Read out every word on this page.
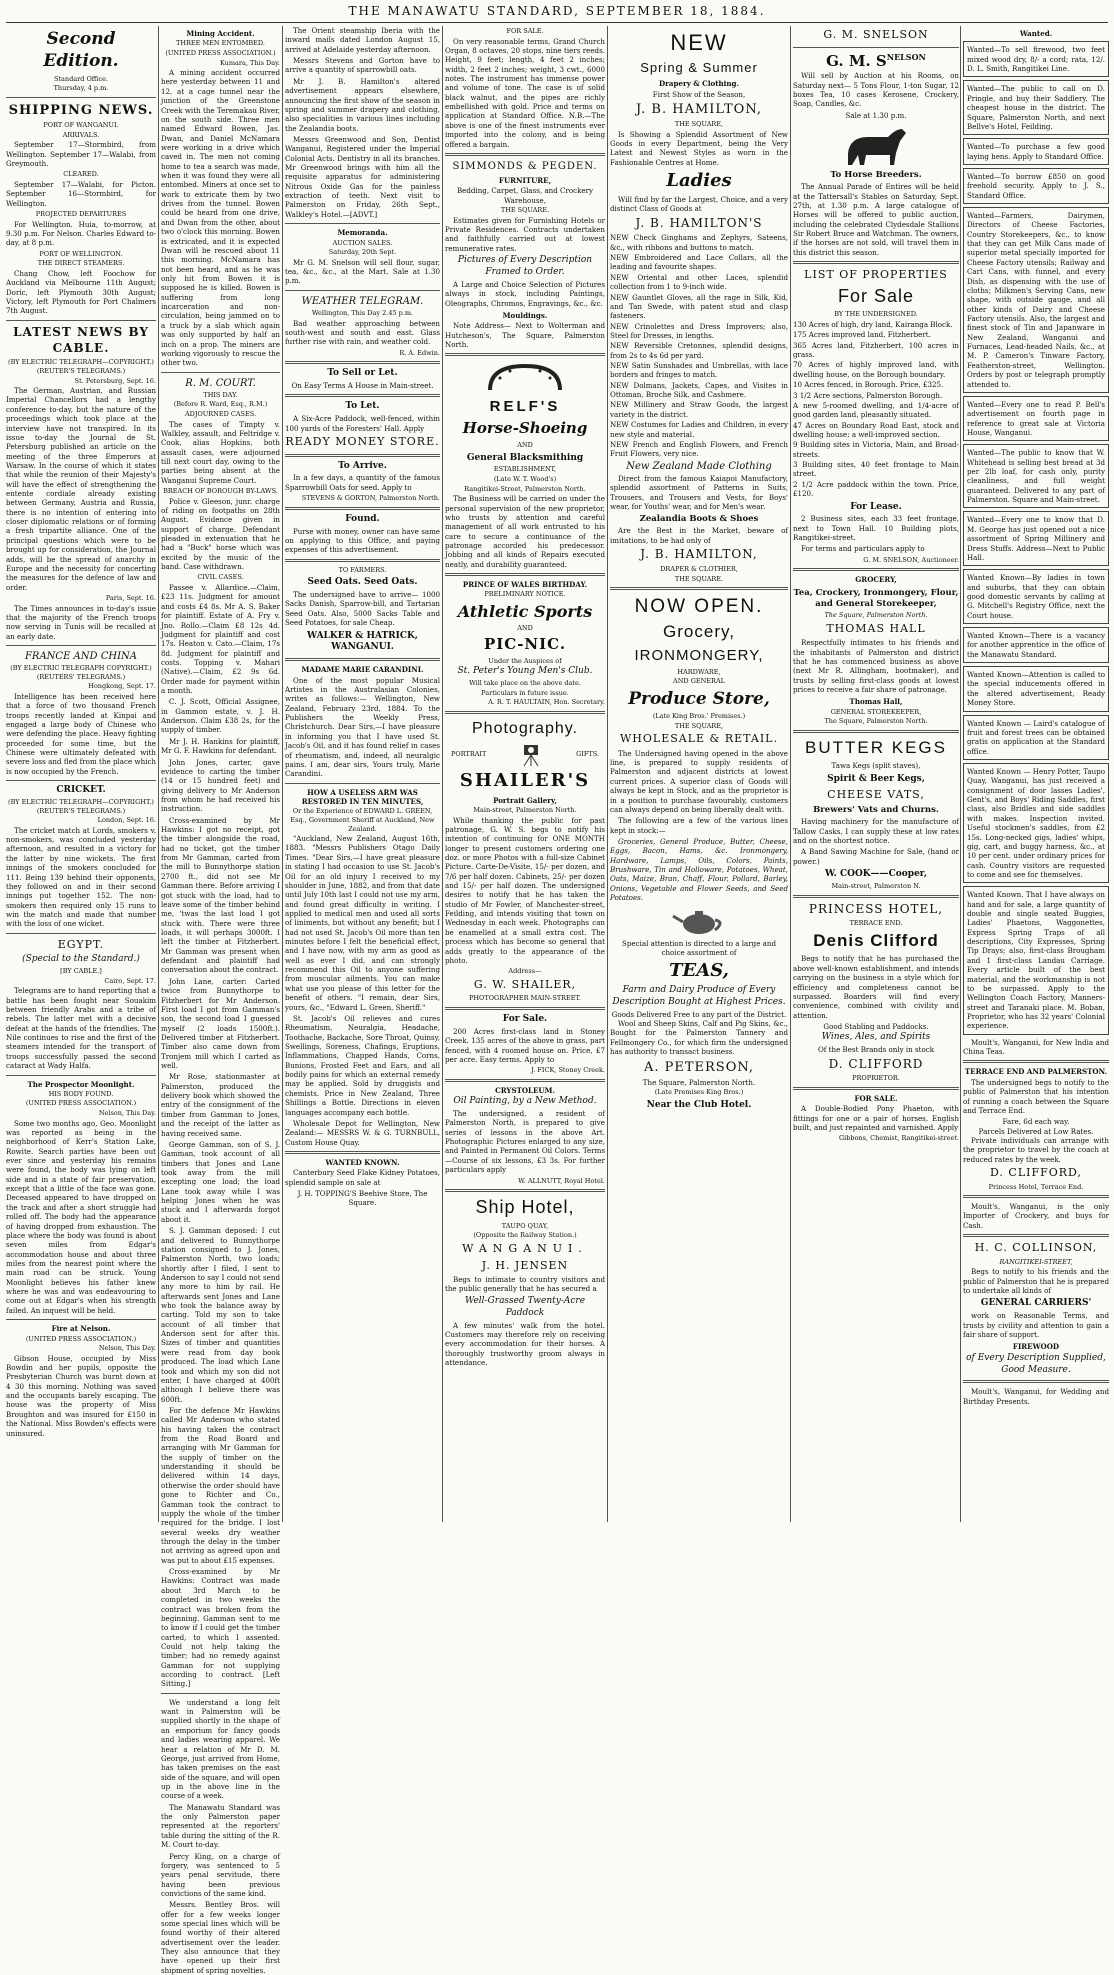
THE MANAWATU STANDARD, SEPTEMBER 18, 1884.
Second Edition.
Standard Office.
Thursday, 4 p.m.
SHIPPING NEWS.
PORT OF WANGANUI.
ARRIVALS.
September 17—Stormbird, from Wellington. September 17—Walabi, from Greymouth.
CLEARED.
September 17—Walabi, for Picton. September 16—Stormbird, for Wellington.
PROJECTED DEPARTURES
For Wellington. Huia, to-morrow, at 9.30 p.m. For Nelson. Charles Edward to-day, at 8 p.m.
PORT OF WELLINGTON.
THE DIRECT STEAMERS.
Chang Chow, left Foochow for Auckland via Melbourne 11th August; Doric, left Plymouth 30th August; Victory, left Plymouth for Port Chalmers 7th August.
LATEST NEWS BY CABLE.
(BY ELECTRIC TELEGRAPH—COPYRIGHT.) (REUTER'S TELEGRAMS.)
St. Petersburg, Sept. 16.
The German, Austrian, and Russian Imperial Chancellors had a lengthy conference to-day, but the nature of the proceedings which took place at the interview have not transpired. In its issue to-day the Journal de St. Petersburg published an article on the meeting of the three Emperors at Warsaw. In the course of which it states that while the reunion of their Majesty's will have the effect of strengthening the entente cordiale already existing between Germany, Austria and Russia, there is no intention of entering into closer diplomatic relations or of forming a fresh tripartite alliance. One of the principal questions which were to be brought up for consideration, the Journal adds, will be the spread of anarchy in Europe and the necessity for concerting the measures for the defence of law and order.
Paris, Sept. 16.
The Times announces in to-day's issue that the majority of the French troops now serving in Tunis will be recalled at an early date.
FRANCE AND CHINA
(BY ELECTRIC TELEGRAPH COPYRIGHT.) (REUTERS' TELEGRAMS.)
Hongkong, Sept. 17.
Intelligence has been received here that a force of two thousand French troops recently landed at Kinpai and engaged a large body of Chinese who were defending the place. Heavy fighting proceeded for some time, but the Chinese were ultimately defeated with severe loss and fled from the place which is now occupied by the French.
CRICKET.
(BY ELECTRIC TELEGRAPH—COPYRIGHT.) (REUTER'S TELEGRAMS.)
London, Sept. 16.
The cricket match at Lords, smokers v. non-smokers, was concluded yesterday afternoon, and resulted in a victory for the latter by nine wickets. The first innings of the smokers concluded for 111. Being 139 behind their opponents, they followed on and in their second innings put together 152. The non-smokers then required only 15 runs to win the match and made that number with the loss of one wicket.
EGYPT.
(Special to the Standard.)
[BY CABLE.]
Cairo, Sept. 17.
Telegrams are to hand reporting that a battle has been fought near Souakim between friendly Arabs and a tribe of rebels. The latter met with a decisive defeat at the hands of the friendlies. The Nile continues to rise and the first of the steamers intended for the transport of troops successfully passed the second cataract at Wady Halfa.
The Prospector Moonlight.
HIS BODY FOUND.
(UNITED PRESS ASSOCIATION.)
Nelson, This Day.
Some two months ago, Geo. Moonlight was reported as being in the neighborhood of Kerr's Station Lake, Rowite. Search parties have been out ever since and yesterday his remains were found, the body was lying on left side and in a state of fair preservation, except that a little of the face was gone. Deceased appeared to have dropped on the track and after a short struggle had rolled off. The body had the appearance of having dropped from exhaustion. The place where the body was found is about seven miles from Edgar's accommodation house and about three miles from the nearest point where the main road can be struck. Young Moonlight believes his father knew where he was and was endeavouring to come out at Edgar's when his strength failed. An inquest will be held.
Fire at Nelson.
(UNITED PRESS ASSOCIATION.)
Nelson, This Day.
Gibson House, occupied by Miss Bowdin and her pupils, opposite the Presbyterian Church was burnt down at 4 30 this morning. Nothing was saved and the occupants barely escaping. The house was the property of Miss Broughton and was insured for £150 in the National. Miss Bowden's effects were uninsured.
Mining Accident.
THREE MEN ENTOMBED.
(UNITED PRESS ASSOCIATION.)
Kumara, This Day.
A mining accident occurred here yesterday between 11 and 12, at a cage tunnel near the junction of the Greenstone Creek with the Teremakau River, on the south side. Three men named Edward Bowen, Jas. Dwan, and Daniel McNamara were working in a drive which caved in. The men not coming home to tea a search was made, when it was found they were all entombed. Miners at once set to work to extricate them by two drives from the tunnel. Bowen could be heard from one drive, and Dwan from the other, about two o'clock this morning. Bowen is extricated, and it is expected Dwan will be rescued about 11 this morning. McNamara has not been heard, and as he was only hit from Bowen it is supposed he is killed. Bowen is suffering from long incarceration and non-circulation, being jammed on to a truck by a slab which again was only supported by half an inch on a prop. The miners are working vigorously to rescue the other two.
R. M. COURT.
THIS DAY.
(Before R. Ward, Esq., R.M.)
ADJOURNED CASES.
The cases of Timpty v. Walkley, assault, and Feltridge v. Cook, alias Hopkins, both assault cases, were adjourned till next court day, owing to the parties being absent at the Wanganui Supreme Court.
BREACH OF BOROUGH BY-LAWS.
Police v. Gleeson, junr. charge of riding on footpaths on 28th August. Evidence given in support of charge. Defendant pleaded in extenuation that he had a "Buck" horse which was excited by the music of the band. Case withdrawn.
CIVIL CASES.
Passee v. Allardice.—Claim, £23 11s. Judgment for amount and costs £4 8s. Mr A. S. Baker for plaintiff. Estate of A. Fry v. Jno. Rollo.—Claim £8 12s 4d. Judgment for plaintiff and cost 17s. Heaton v. Cato.—Claim, 17s 8d. Judgment for plaintiff and costs. Topping v. Mahari (Native).—Claim, £2 9s 6d. Order made for payment within a month.
C. J. Scott, Official Assignee, in Gammon estate, v. J. H. Anderson. Claim £38 2s, for the supply of timber.
Mr J. H. Hankins for plaintiff, Mr G. F. Hawkins for defendant.
John Jones, carter, gave evidence to carting the timber (14 or 15 hundred feet) and giving delivery to Mr Anderson from whom he had received his instruction.
Cross-examined by Mr Hawkins: I got no receipt, got the timber alongside the road, had no ticket, got the timber from Mr Gamman, carted from the mill to Bunnythorpe station 2700 ft., did not see Mr Gamman there. Before arriving I got stuck with the load, had to leave some of the timber behind me, 'twas the last load I got stuck with. There were three loads, it will perhaps 3000ft. I left the timber at Fitzherbert. Mr Gamman was present when defendant and plaintiff had conversation about the contract.
John Lane, carter: Carted twice from Bunnythorpe to Fitzherbert for Mr Anderson. First load I got from Gamman's son, the second load I guessed myself (2 loads 1500ft.). Delivered timber at Fitzherbert. Timber also came down from Tronjem mill which I carted as well.
Mr Rose, stationmaster at Palmerston, produced the delivery book which showed the entry of the consignment of the timber from Gamman to Jones, and the receipt of the latter as having received same.
George Gamman, son of S. J. Gamman, took account of all timbers that Jones and Lane took away from the mill excepting one load; the load Lane took away while I was helping Jones when he was stuck and I afterwards forgot about it.
S. J. Gamman deposed: I cut and delivered to Bunnythorpe station consigned to J. Jones, Palmerston North, two loads; shortly after I filed, I sent to Anderson to say I could not send any more to him by rail. He afterwards sent Jones and Lane who took the balance away by carting. Told my son to take account of all timber that Anderson sent for after this. Sizes of timber and quantities were read from day book produced. The load which Lane took and which my son did not enter, I have charged at 400ft although I believe there was 600ft.
For the defence Mr Hawkins called Mr Anderson who stated his having taken the contract from the Road Board and arranging with Mr Gamman for the supply of timber on the understanding it should be delivered within 14 days, otherwise the order should have gone to Richter and Co., Gamman took the contract to supply the whole of the timber required for the bridge. I lost several weeks dry weather through the delay in the timber not arriving as agreed upon and was put to about £15 expenses.
Cross-examined by Mr Hawkins: Contract was made about 3rd March to be completed in two weeks the contract was broken from the beginning. Gamman sent to me to know if I could get the timber carted, to which I assented. Could not help taking the timber; had no remedy against Gamman for not supplying according to contract. [Left Sitting.]
We understand a long felt want in Palmerston will be supplied shortly in the shape of an emporium for fancy goods and ladies wearing apparel. We hear a relation of Mr D. M. George, just arrived from Home, has taken premises on the east side of the square, and will open up in the above line in the course of a week.
The Manawatu Standard was the only Palmerston paper represented at the reporters' table during the sitting of the R. M. Court to-day.
Percy King, on a charge of forgery, was sentenced to 5 years penal servitude, there having been previous convictions of the same kind.
Messrs. Bentley Bros. will offer for a few weeks longer some special lines which will be found worthy of their altered advertisement over the leader. They also announce that they have opened up their first shipment of spring novelties.
The Orient steamship Iberia with the inward mails dated London August 15, arrived at Adelaide yesterday afternoon.
Messrs Stevens and Gorton have to arrive a quantity of sparrowbill oats.
Mr J. B. Hamilton's altered advertisement appears elsewhere, announcing the first show of the season in spring and summer drapery and clothing, also specialities in various lines including the Zealandia boots.
Messrs Greenwood and Son, Dentist Wanganui, Registered under the Imperial Colonial Acts. Dentistry in all its branches. Mr Greenwood brings with him all the requisite apparatus for administering Nitrous Oxide Gas for the painless extraction of teeth. Next visit to Palmerston on Friday, 26th Sept., Walkley's Hotel.—[ADVT.]
Memoranda.
AUCTION SALES.
Saturday, 20th Sept.
Mr G. M. Snelson will sell flour, sugar, tea, &c., &c., at the Mart. Sale at 1.30 p.m.
WEATHER TELEGRAM.
Wellington, This Day 2.45 p.m.
Bad weather approaching between south-west and south and east. Glass further rise with rain, and weather cold.
R. A. Edwin.
To Sell or Let.
On Easy Terms A House in Main-street.
To Let.
A Six-Acre Paddock, well-fenced, within 100 yards of the Foresters' Hall. Apply
READY MONEY STORE.
To Arrive.
In a few days, a quantity of the famous Sparrowbill Oats for seed. Apply to
STEVENS & GORTON, Palmerston North.
Found.
Purse with money, owner can have same on applying to this Office, and paying expenses of this advertisement.
TO FARMERS.
Seed Oats. Seed Oats.
The undersigned have to arrive— 1000 Sacks Danish, Sparrow-bill, and Tartarian Seed Oats. Also, 5000 Sacks Table and Seed Potatoes, for sale Cheap.
WALKER & HATRICK, WANGANUI.
MADAME MARIE CARANDINI.
One of the most popular Musical Artistes in the Australasian Colonies, writes as follows:— Wellington, New Zealand, February 23rd, 1884. To the Publishers the Weekly Press, Christchurch. Dear Sirs,—I have pleasure in informing you that I have used St. Jacob's Oil, and it has found relief in cases of rheumatism, and, indeed, all neuralgic pains. I am, dear sirs, Yours truly, Marie Carandini.
HOW A USELESS ARM WAS RESTORED IN TEN MINUTES,
Or the Experience of EDWARD L. GREEN, Esq., Government Sheriff at Auckland, New Zealand.
"Auckland, New Zealand, August 16th, 1883. "Messrs Publishers Otago Daily Times. "Dear Sirs,—I have great pleasure in stating I had occasion to use St. Jacob's Oil for an old injury I received to my shoulder in June, 1882, and from that date until July 10th last I could not use my arm, and found great difficulty in writing. I applied to medical men and used all sorts of liniments, but without any benefit; but I had not used St. Jacob's Oil more than ten minutes before I felt the beneficial effect, and I have now, with my arm as good as well as ever I did, and can strongly recommend this Oil to anyone suffering from muscular ailments. You can make what use you please of this letter for the benefit of others. "I remain, dear Sirs, yours, &c., "Edward L. Green, Sheriff."
St. Jacob's Oil relieves and cures Rheumatism, Neuralgia, Headache, Toothache, Backache, Sore Throat, Quinsy, Swellings, Soreness, Chafings, Eruptions, Inflammations, Chapped Hands, Corns, Bunions, Frosted Feet and Ears, and all bodily pains for which an external remedy may be applied. Sold by druggists and chemists. Price in New Zealand, Three Shillings a Bottle. Directions in eleven languages accompany each bottle.
Wholesale Depot for Wellington, New Zealand:— MESSRS W. & G. TURNBULL, Custom House Quay.
WANTED KNOWN.
Canterbury Seed Flake Kidney Potatoes, splendid sample on sale at
J. H. TOPPING'S Beehive Store, The Square.
FOR SALE.
On very reasonable terms, Grand Church Organ, 8 octaves, 20 stops, nine tiers reeds. Height, 9 feet; length, 4 feet 2 inches; width, 2 feet 2 inches; weight, 3 cwt., 6000 notes. The instrument has immense power and volume of tone. The case is of solid black walnut, and the pipes are richly embellished with gold. Price and terms on application at Standard Office. N.B.—The above is one of the finest instruments ever imported into the colony, and is being offered a bargain.
SIMMONDS & PEGDEN.
FURNITURE,
Bedding, Carpet, Glass, and Crockery Warehouse,
THE SQUARE.
Estimates given for Furnishing Hotels or Private Residences. Contracts undertaken and faithfully carried out at lowest remunerative rates.
Pictures of Every Description Framed to Order.
A Large and Choice Selection of Pictures always in stock, including Paintings, Oleographs, Chromos, Engravings, &c., &c.
Mouldings.
Note Address— Next to Wolterman and Hutcheson's, The Square, Palmerston North.
RELF'S
Horse-Shoeing
AND
General Blacksmithing
ESTABLISHMENT,
(Late W. T. Wood's)
Rangitikei-Street, Palmerston North.
The Business will be carried on under the personal supervision of the new proprietor, who trusts by attention and careful management of all work entrusted to his care to secure a continuance of the patronage accorded his predecessor. Jobbing and all kinds of Repairs executed neatly, and durability guaranteed.
PRINCE OF WALES BIRTHDAY.
PRELIMINARY NOTICE.
Athletic Sports
AND
PIC-NIC.
Under the Auspices of
St. Peter's Young Men's Club.
Will take place on the above date.
Particulars in future issue.
A. R. T. HAULTAIN, Hon. Secretary.
Photography.
PORTRAIT	GIFTS.
SHAILER'S
Portrait Gallery,
Main-street, Palmerston North.
While thanking the public for past patronage, G. W. S. begs to notify his intention of continuing for ONE MONTH longer to present customers ordering one doz. or more Photos with a full-size Cabinet Picture. Carte-De-Visite, 15/- per dozen, and 7/6 per half dozen. Cabinets, 25/- per dozen and 15/- per half dozen. The undersigned desires to notify that he has taken the studio of Mr Fowler, of Manchester-street, Feilding, and intends visiting that town on Wednesday in each week. Photographs can be enamelled at a small extra cost. The process which has become so general that adds greatly to the appearance of the photo.
Address—
G. W. SHAILER,
PHOTOGRAPHER MAIN-STREET.
For Sale.
200 Acres first-class land in Stoney Creek. 135 acres of the above in grass, part fenced, with 4 roomed house on. Price, £7 per acre. Easy terms. Apply to
J. FICK, Stoney Creek.
CRYSTOLEUM.
Oil Painting, by a New Method.
The undersigned, a resident of Palmerston North, is prepared to give series of lessons in the above Art. Photographic Pictures enlarged to any size, and Painted in Permanent Oil Colors. Terms—Course of six lessons, £3 3s. For further particulars apply
W. ALLNUTT, Royal Hotel.
Ship Hotel,
TAUPO QUAY,
(Opposite the Railway Station.)
WANGANUI.
J. H. JENSEN
Begs to intimate to country visitors and the public generally that he has secured a
Well-Grassed Twenty-Acre Paddock
A few minutes' walk from the hotel. Customers may therefore rely on receiving every accommodation for their horses. A thoroughly trustworthy groom always in attendance.
NEW
Spring & Summer
Drapery & Clothing.
First Show of the Season,
J. B. HAMILTON,
THE SQUARE,
Is Showing a Splendid Assortment of New Goods in every Department, being the Very Latest and Newest Styles as worn in the Fashionable Centres at Home.
Ladies
Will find by far the Largest, Choice, and a very distinct Class of Goods at
J. B. HAMILTON'S
NEW Check Ginghams and Zephyrs, Sateens, &c., with ribbons and buttons to match.
NEW Embroidered and Lace Collars, all the leading and favourite shapes.
NEW Oriental and other Laces, splendid collection from 1 to 9-inch wide.
NEW Gauntlet Gloves, all the rage in Silk, Kid, and Tan Swede, with patent stud and clasp fasteners.
NEW Crinolettes and Dress Improvers; also, Steel for Dresses, in lengths.
NEW Reversible Cretonnes, splendid designs, from 2s to 4s 6d per yard.
NEW Satin Sunshades and Umbrellas, with lace borders and fringes to match.
NEW Dolmans, Jackets, Capes, and Visites in Ottoman, Broche Silk, and Cashmere.
NEW Millinery and Straw Goods, the largest variety in the district.
NEW Costumes for Ladies and Children, in every new style and material.
NEW French and English Flowers, and French Fruit Flowers, very nice.
New Zealand Made Clothing
Direct from the famous Kaiapoi Manufactory, splendid assortment of Patterns in Suits, Trousers, and Trousers and Vests, for Boys' wear, for Youths' wear, and for Men's wear.
Zealandia Boots & Shoes
Are the Best in the Market, beware of imitations, to be had only of
J. B. HAMILTON,
DRAPER & CLOTHIER,
THE SQUARE.
NOW OPEN.
Grocery,
IRONMONGERY,
HARDWARE,
AND GENERAL
Produce Store,
(Late King Bros.' Premises.)
THE SQUARE,
WHOLESALE & RETAIL.
The Undersigned having opened in the above line, is prepared to supply residents of Palmerston and adjacent districts at lowest current prices. A superior class of Goods will always be kept in Stock, and as the proprietor is in a position to purchase favourably, customers can always depend on being liberally dealt with.
The following are a few of the various lines kept in stock:—
Groceries, General Produce, Butter, Cheese, Eggs, Bacon, Hams, &c. Ironmongery, Hardware, Lamps, Oils, Colors, Paints, Brushware, Tin and Holloware, Potatoes, Wheat, Oats, Maize, Bran, Chaff, Flour, Pollard, Barley, Onions, Vegetable and Flower Seeds, and Seed Potatoes.
Special attention is directed to a large and choice assortment of
TEAS,
Farm and Dairy Produce of Every Description Bought at Highest Prices.
Goods Delivered Free to any part of the District.
Wool and Sheep Skins, Calf and Pig Skins, &c., Bought for the Palmerston Tannery and Fellmongery Co., for which firm the undersigned has authority to transact business.
A. PETERSON,
The Square, Palmerston North.
(Late Premises King Bros.)
Near the Club Hotel.
G. M. SNELSON
G. M. $S^{NELSON}$
Will sell by Auction at his Rooms, on Saturday next— 5 Tons Flour, 1-ton Sugar, 12 boxes Tea, 10 cases Kerosene, Crockery, Soap, Candles, &c.
Sale at 1.30 p.m.
To Horse Breeders.
The Annual Parade of Entires will be held at the Tattersall's Stables on Saturday, Sept. 27th, at 1.30 p.m. A large catalogue of Horses will be offered to public auction, including the celebrated Clydesdale Stallions Sir Robert Bruce and Watchman. The owners, if the horses are not sold, will travel them in this district this season.
LIST OF PROPERTIES
For Sale
BY THE UNDERSIGNED.
130 Acres of high, dry land, Kairanga Block.
175 Acres improved land, Fitzherbert.
365 Acres land, Fitzherbert, 100 acres in grass.
70 Acres of highly improved land, with dwelling house, on the Borough boundary.
10 Acres fenced, in Borough. Price, £325.
3 1/2 Acre sections, Palmerston Borough.
A new 5-roomed dwelling, and 1/4-acre of good garden land, pleasantly situated.
47 Acres on Boundary Road East, stock and dwelling house; a well-improved section.
9 Building sites in Victoria, Main, and Broad-streets.
3 Building sites, 40 feet frontage to Main street.
2 1/2 Acre paddock within the town. Price, £120.
For Lease.
2 Business sites, each 33 feet frontage, next to Town Hall. 10 Building plots, Rangitikei-street.
For terms and particulars apply to
G. M. SNELSON, Auctioneer.
GROCERY,
Tea, Crockery, Ironmongery, Flour, and General Storekeeper,
The Square, Palmerston North.
THOMAS HALL
Respectfully intimates to his friends and the inhabitants of Palmerston and district that he has commenced business as above (next Mr R. Allingham, bootmaker), and trusts by selling first-class goods at lowest prices to receive a fair share of patronage.
Thomas Hall,
GENERAL STOREKEEPER,
The Square, Palmerston North.
BUTTER KEGS
Tawa Kegs (split staves),
Spirit & Beer Kegs,
CHEESE VATS,
Brewers' Vats and Churns.
Having machinery for the manufacture of Tallow Casks, I can supply these at low rates and on the shortest notice.
A Band Sawing Machine for Sale, (hand or power.)
W. COOK——Cooper,
Main-street, Palmerston N.
PRINCESS HOTEL,
TERRACE END.
Denis Clifford
Begs to notify that he has purchased the above well-known establishment, and intends carrying on the business in a style which for efficiency and completeness cannot be surpassed. Boarders will find every convenience, combined with civility and attention.
Good Stabling and Paddocks.
Wines, Ales, and Spirits
Of the Best Brands only in stock
D. CLIFFORD
PROPRIETOR.
FOR SALE.
A Double-Bodied Pony Phaeton, with fittings for one or a pair of horses, English built, and just repainted and varnished. Apply
Gibbons, Chemist, Rangitikei-street.
Wanted.
Wanted—To sell firewood, two feet mixed wood dry, 8/- a cord; rata, 12/. D. L. Smith, Rangitikei Line.
Wanted—The public to call on D. Pringle, and buy their Saddlery. The cheapest house in the district. The Square, Palmerston North, and next Bellve's Hotel, Feilding.
Wanted—To purchase a few good laying hens. Apply to Standard Office.
Wanted—To borrow £850 on good freehold security. Apply to J. S., Standard Office.
Wanted—Farmers, Dairymen, Directors of Cheese Factories, Country Storekeepers, &c., to know that they can get Milk Cans made of superior metal specially imported for Cheese Factory utensils; Railway and Cart Cans, with funnel, and every Dish, as dispensing with the use of cloths; Milkmen's Serving Cans, new shape, with outside gauge, and all other kinds of Dairy and Cheese Factory utensils. Also, the largest and finest stock of Tin and Japanware in New Zealand, Wanganui and Furnaces, Lead-headed Nails, &c., at M. P. Cameron's Tinware Factory, Featherston-street, Wellington. Orders by post or telegraph promptly attended to.
Wanted—Every one to read P. Bell's advertisement on fourth page in reference to great sale at Victoria House, Wanganui.
Wanted—The public to know that W. Whitehead is selling best bread at 3d per 2lb loaf, for cash only, purity cleanliness, and full weight guaranteed. Delivered to any part of Palmerston. Square and Main-street.
Wanted—Every one to know that D. M. George has just opened out a nice assortment of Spring Millinery and Dress Stuffs. Address—Next to Public Hall.
Wanted Known—By ladies in town and suburbs, that they can obtain good domestic servants by calling at G. Mitchell's Registry Office, next the Court house.
Wanted Known—There is a vacancy for another apprentice in the office of the Manawatu Standard.
Wanted Known—Attention is called to the special inducements offered in the altered advertisement, Ready Money Store.
Wanted Known — Laird's catalogue of fruit and forest trees can be obtained gratis on application at the Standard office.
Wanted Known — Henry Potter, Taupo Quay, Wanganui, has just received a consignment of door lasses Ladies', Gent's, and Boys' Riding Saddles, first class, also Bridles and side saddles with makes. Inspection invited. Useful stockmen's saddles, from £2 15s. Long-necked gigs, ladies' whips, gig, cart, and buggy harness, &c., at 10 per cent. under ordinary prices for cash. Country visitors are requested to come and see for themselves.
Wanted Known. That I have always on hand and for sale, a large quantity of double and single seated Buggies, Ladies' Phaetons, Waggonettes, Express Spring Traps of all descriptions, City Expresses, Spring Tip Drays; also, first-class Brougham and 1 first-class Landau Carriage. Every article built of the best material, and the workmanship is not to be surpassed. Apply to the Wellington Coach Factory, Manners-street and Taranaki place. M. Boban, Proprietor, who has 32 years' Colonial experience.
Moult's, Wanganui, for New India and China Teas.
TERRACE END AND PALMERSTON.
The undersigned begs to notify to the public of Palmerston that his intention of running a coach between the Square and Terrace End.
Fare, 6d each way.
Parcels Delivered at Low Rates.
Private individuals can arrange with the proprietor to travel by the coach at reduced rates by the week.
D. CLIFFORD,
Princess Hotel, Terrace End.
Moult's, Wanganui, is the only Importer of Crockery, and buys for Cash.
H. C. COLLINSON,
RANGITIKEI-STREET,
Begs to notify to his friends and the public of Palmerston that he is prepared to undertake all kinds of
GENERAL CARRIERS'
work on Reasonable Terms, and trusts by civility and attention to gain a fair share of support.
FIREWOOD
of Every Description Supplied, Good Measure.
Moult's, Wanganui, for Wedding and Birthday Presents.
